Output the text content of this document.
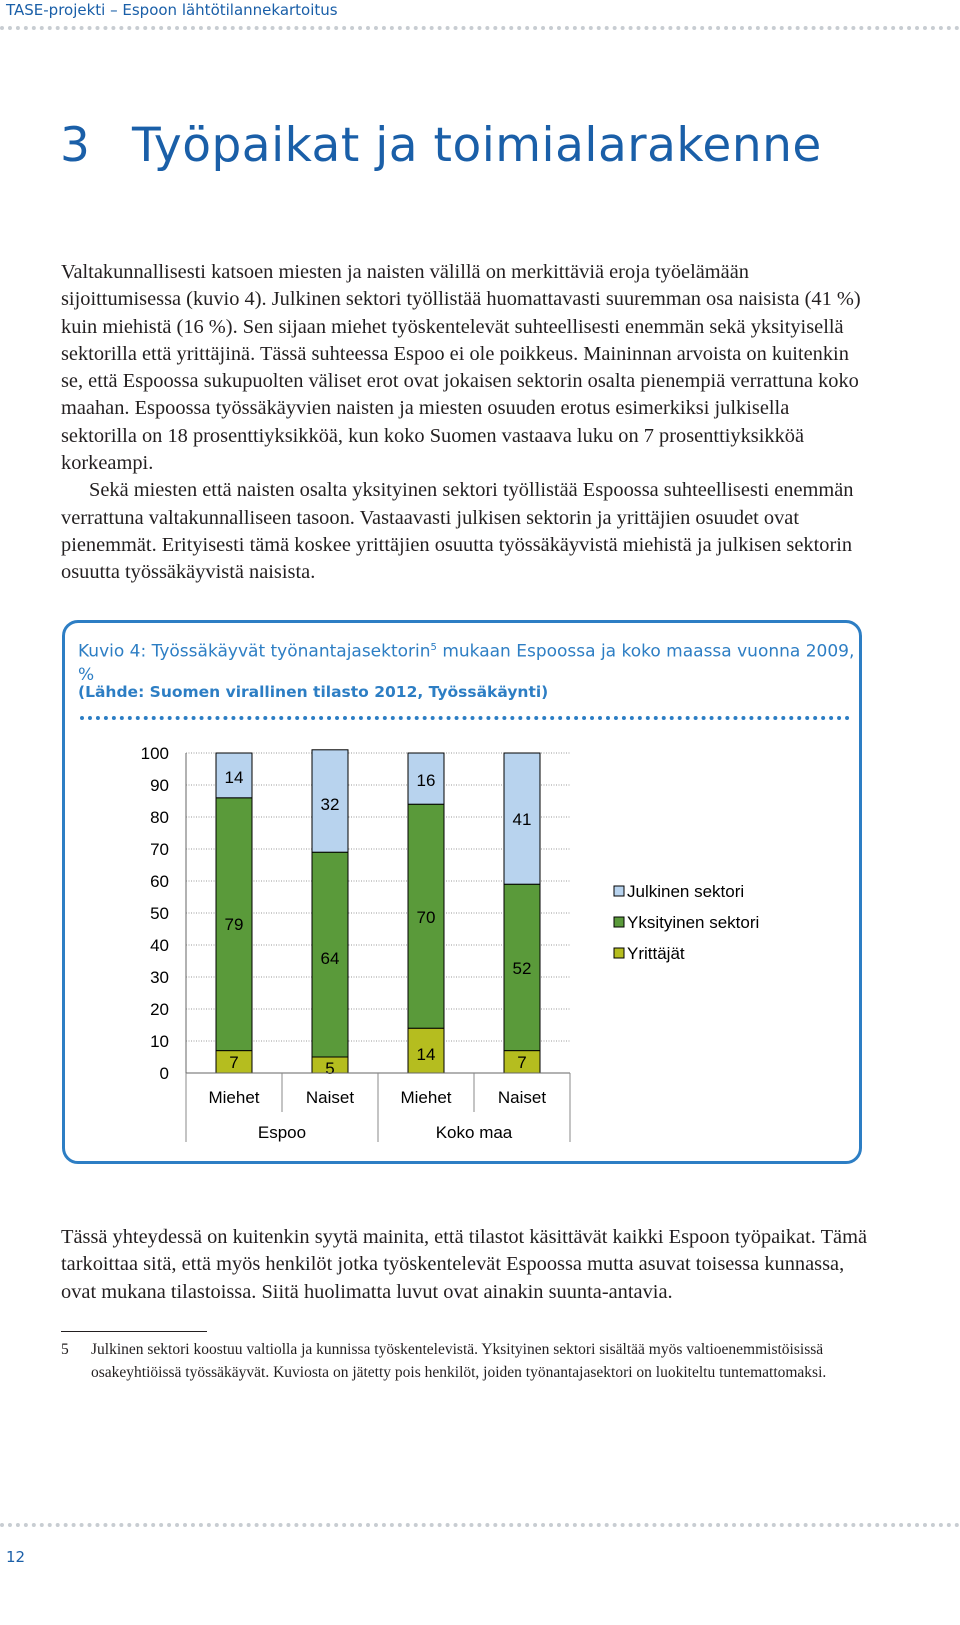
TASE-projekti – Espoon lähtötilannekartoitus
3 Työpaikat ja toimialarakenne

Valtakunnallisesti katsoen miesten ja naisten välillä on merkittäviä eroja työelämään sijoittumisessa (kuvio 4). Julkinen sektori työllistää huomattavasti suuremman osa naisista (41 %) kuin miehistä (16 %). Sen sijaan miehet työskentelevät suhteellisesti enemmän sekä yksityisellä sektorilla että yrittäjinä. Tässä suhteessa Espoo ei ole poikkeus. Maininnan arvoista on kuitenkin se, että Espoossa sukupuolten väliset erot ovat jokaisen sektorin osalta pienempiä verrattuna koko maahan. Espoossa työssäkäyvien naisten ja miesten osuuden erotus esimerkiksi julkisella sektorilla on 18 prosenttiyksikköä, kun koko Suomen vastaava luku on 7 prosenttiyksikköä korkeampi.

Sekä miesten että naisten osalta yksityinen sektori työllistää Espoossa suhteellisesti enemmän verrattuna valtakunnalliseen tasoon. Vastaavasti julkisen sektorin ja yrittäjien osuudet ovat pienemmät. Erityisesti tämä koskee yrittäjien osuutta työssäkäyvistä miehistä ja julkisen sektorin osuutta työssäkäyvistä naisista.

Kuvio 4: Työssäkäyvät työnantajasektorin$^5$ mukaan Espoossa ja koko maassa vuonna 2009, %
(Lähde: Suomen virallinen tilasto 2012, Työssäkäynti)
7
79
14
5
64
32
14
70
16
7
52
41
0
10
20
30
40
50
60
70
80
90
100
Miehet	Naiset	Miehet	Naiset
Espoo	Koko maa
Julkinen sektori
Yksityinen sektori
Yrittäjät

Tässä yhteydessä on kuitenkin syytä mainita, että tilastot käsittävät kaikki Espoon työpaikat. Tämä tarkoittaa sitä, että myös henkilöt jotka työskentelevät Espoossa mutta asuvat toisessa kunnassa, ovat mukana tilastoissa. Siitä huolimatta luvut ovat ainakin suunta-antavia.

5 Julkinen sektori koostuu valtiolla ja kunnissa työskentelevistä. Yksityinen sektori sisältää myös valtioenemmistöisissä osakeyhtiöissä työssäkäyvät. Kuviosta on jätetty pois henkilöt, joiden työnantajasektori on luokiteltu tuntemattomaksi.
12
